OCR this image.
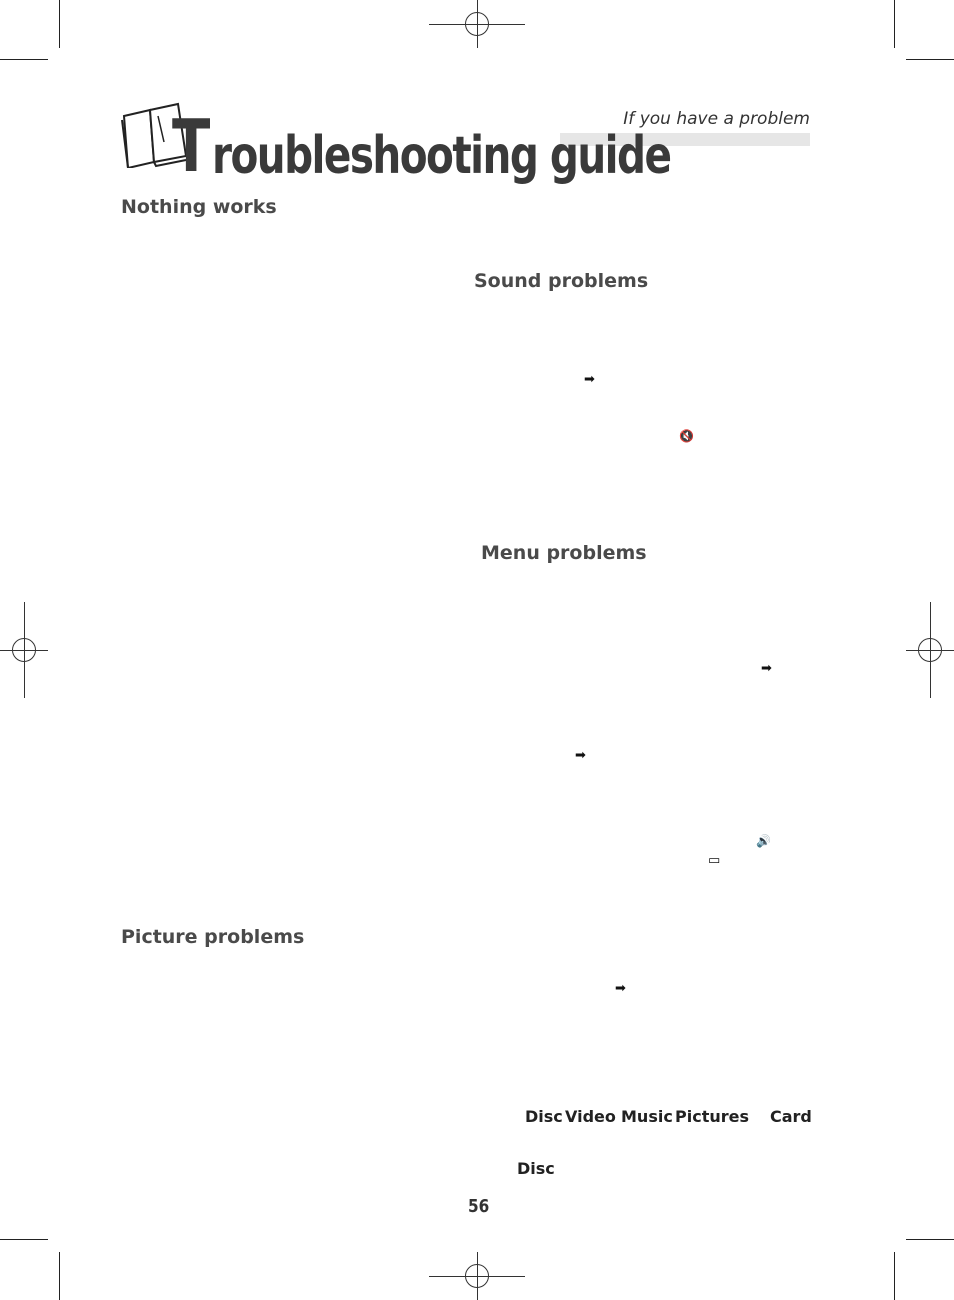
If you have a problem
T roubleshooting guide
Nothing works
Sound problems
Menu problems
Picture problems
➡
🔇
➡
➡
🔊
▭
➡
Disc Video Music Pictures Card
Disc
56
